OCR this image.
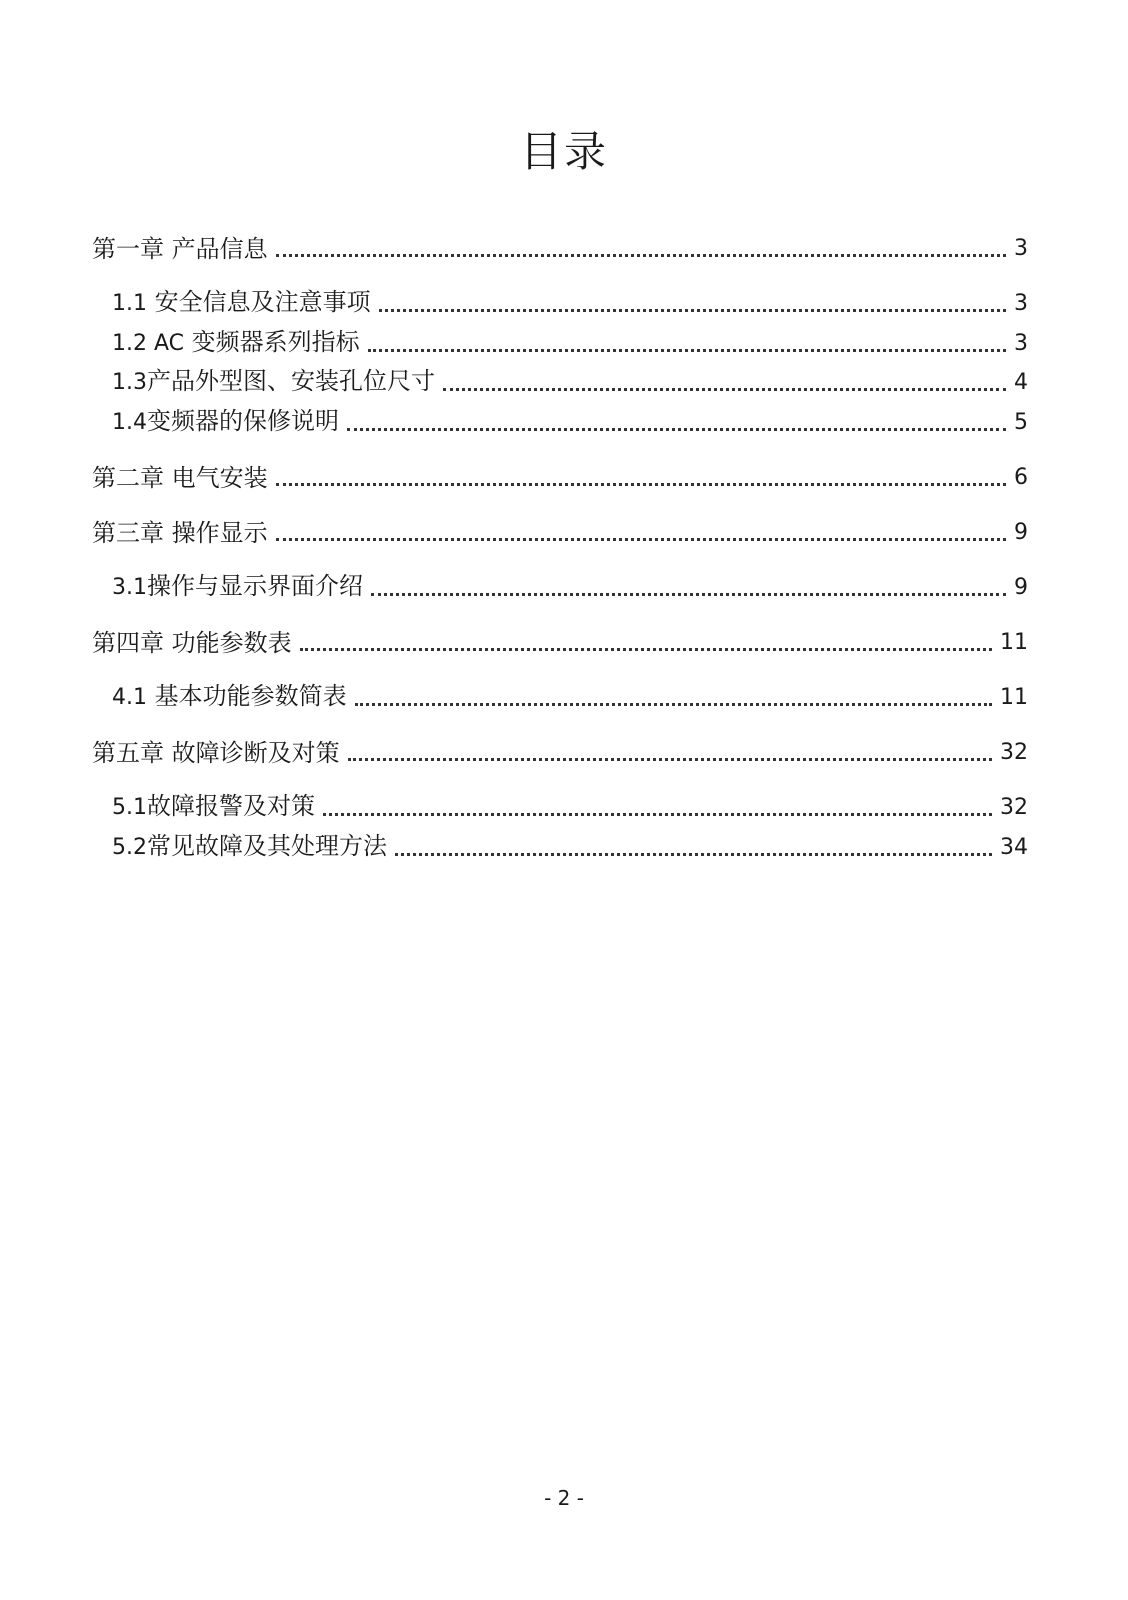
目录
第一章 产品信息	3
1.1 安全信息及注意事项	3
1.2 AC 变频器系列指标	3
1.3产品外型图、安装孔位尺寸	4
1.4变频器的保修说明	5
第二章 电气安装	6
第三章 操作显示	9
3.1操作与显示界面介绍	9
第四章 功能参数表	11
4.1 基本功能参数简表	11
第五章 故障诊断及对策	32
5.1故障报警及对策	32
5.2常见故障及其处理方法	34
- 2 -
